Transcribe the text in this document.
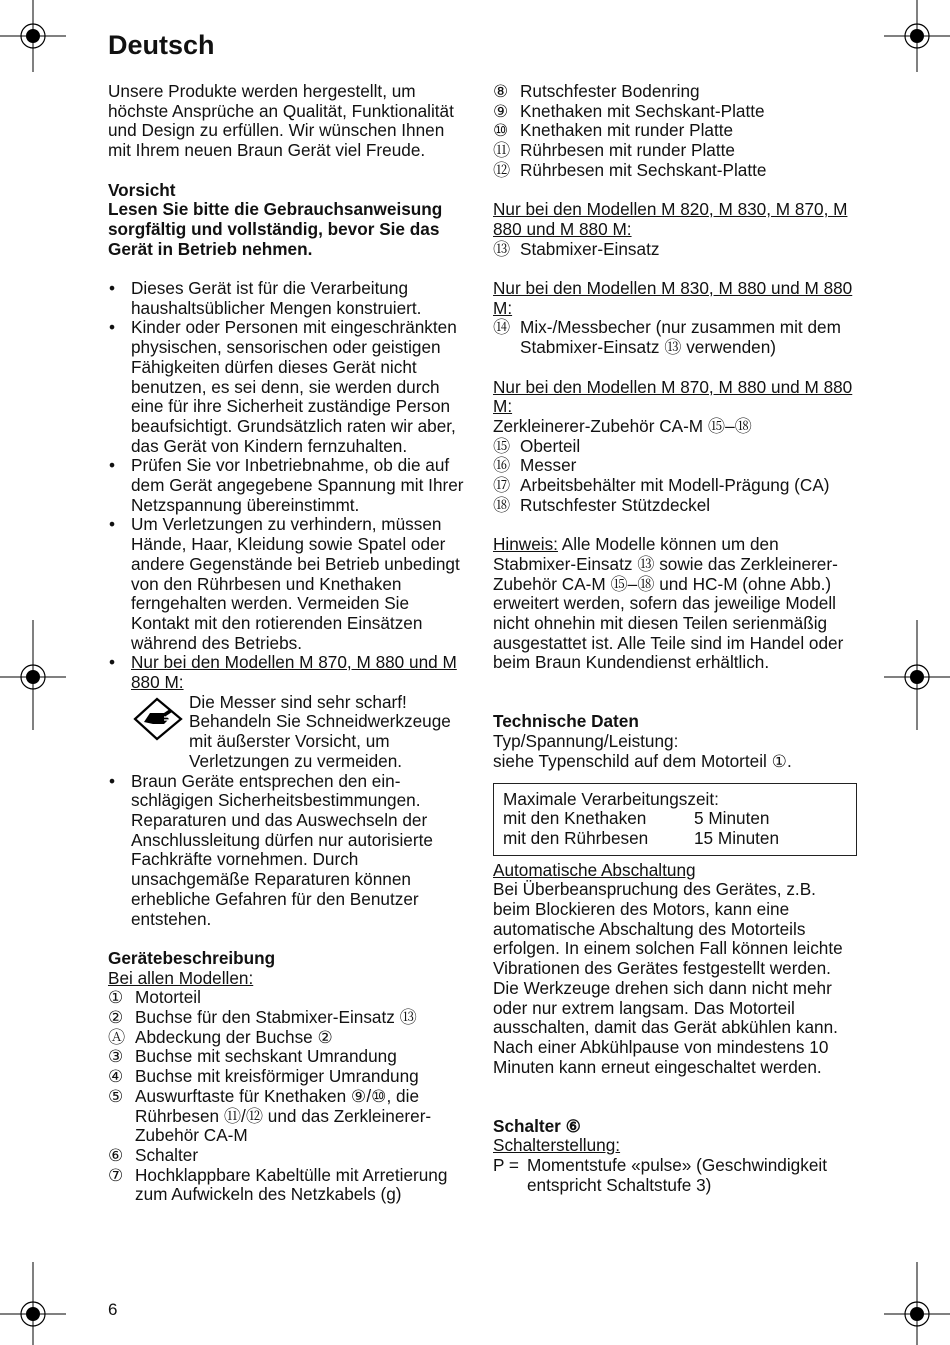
Deutsch

Unsere Produkte werden hergestellt, um höchste Ansprüche an Qualität, Funktionalität und Design zu erfüllen. Wir wünschen Ihnen mit Ihrem neuen Braun Gerät viel Freude.

Vorsicht

Lesen Sie bitte die Gebrauchsanweisung sorgfältig und vollständig, bevor Sie das Gerät in Betrieb nehmen.

• Dieses Gerät ist für die Verarbeitung haushaltsüblicher Mengen konstruiert.
• Kinder oder Personen mit eingeschränkten physischen, sensorischen oder geistigen Fähigkeiten dürfen dieses Gerät nicht benutzen, es sei denn, sie werden durch eine für ihre Sicherheit zuständige Person beaufsichtigt. Grundsätzlich raten wir aber, das Gerät von Kindern fernzuhalten.
• Prüfen Sie vor Inbetriebnahme, ob die auf dem Gerät angegebene Spannung mit Ihrer Netzspannung übereinstimmt.
• Um Verletzungen zu verhindern, müssen Hände, Haar, Kleidung sowie Spatel oder andere Gegenstände bei Betrieb unbedingt von den Rührbesen und Knethaken ferngehalten werden. Vermeiden Sie Kontakt mit den rotierenden Einsätzen während des Betriebs.
• Nur bei den Modellen M 870, M 880 und M 880 M:
Die Messer sind sehr scharf! Behandeln Sie Schneidwerkzeuge mit äußerster Vorsicht, um Verletzungen zu vermeiden.
• Braun Geräte entsprechen den einschlägigen Sicherheitsbestimmungen. Reparaturen und das Auswechseln der Anschlussleitung dürfen nur autorisierte Fachkräfte vornehmen. Durch unsachgemäße Reparaturen können erhebliche Gefahren für den Benutzer entstehen.

Gerätebeschreibung

Bei allen Modellen:

① Motorteil
② Buchse für den Stabmixer-Einsatz ⑬
Ⓐ Abdeckung der Buchse ②
③ Buchse mit sechskant Umrandung
④ Buchse mit kreisförmiger Umrandung
⑤ Auswurftaste für Knethaken ⑨/⑩, die Rührbesen ⑪/⑫ und das Zerkleinerer-Zubehör CA-M
⑥ Schalter
⑦ Hochklappbare Kabeltülle mit Arretierung zum Aufwickeln des Netzkabels (g)
⑧ Rutschfester Bodenring
⑨ Knethaken mit Sechskant-Platte
⑩ Knethaken mit runder Platte
⑪ Rührbesen mit runder Platte
⑫ Rührbesen mit Sechskant-Platte

Nur bei den Modellen M 820, M 830, M 870, M 880 und M 880 M:

⑬ Stabmixer-Einsatz

Nur bei den Modellen M 830, M 880 und M 880 M:

⑭ Mix-/Messbecher (nur zusammen mit dem Stabmixer-Einsatz ⑬ verwenden)

Nur bei den Modellen M 870, M 880 und M 880 M:

Zerkleinerer-Zubehör CA-M ⑮–⑱

⑮ Oberteil
⑯ Messer
⑰ Arbeitsbehälter mit Modell-Prägung (CA)
⑱ Rutschfester Stützdeckel

Hinweis: Alle Modelle können um den Stabmixer-Einsatz ⑬ sowie das Zerkleinerer-Zubehör CA-M ⑮–⑱ und HC-M (ohne Abb.) erweitert werden, sofern das jeweilige Modell nicht ohnehin mit diesen Teilen serienmäßig ausgestattet ist. Alle Teile sind im Handel oder beim Braun Kundendienst erhältlich.

Technische Daten

Typ/Spannung/Leistung:

siehe Typenschild auf dem Motorteil ①.

Maximale Verarbeitungszeit:

mit den Knethaken	5 Minuten
mit den Rührbesen	15 Minuten

Automatische Abschaltung

Bei Überbeanspruchung des Gerätes, z.B. beim Blockieren des Motors, kann eine automatische Abschaltung des Motorteils erfolgen. In einem solchen Fall können leichte Vibrationen des Gerätes festgestellt werden. Die Werkzeuge drehen sich dann nicht mehr oder nur extrem langsam. Das Motorteil ausschalten, damit das Gerät abkühlen kann. Nach einer Abkühlpause von mindestens 10 Minuten kann erneut eingeschaltet werden.

Schalter ⑥

Schalterstellung:

P = Momentstufe «pulse» (Geschwindigkeit entspricht Schaltstufe 3)
6
